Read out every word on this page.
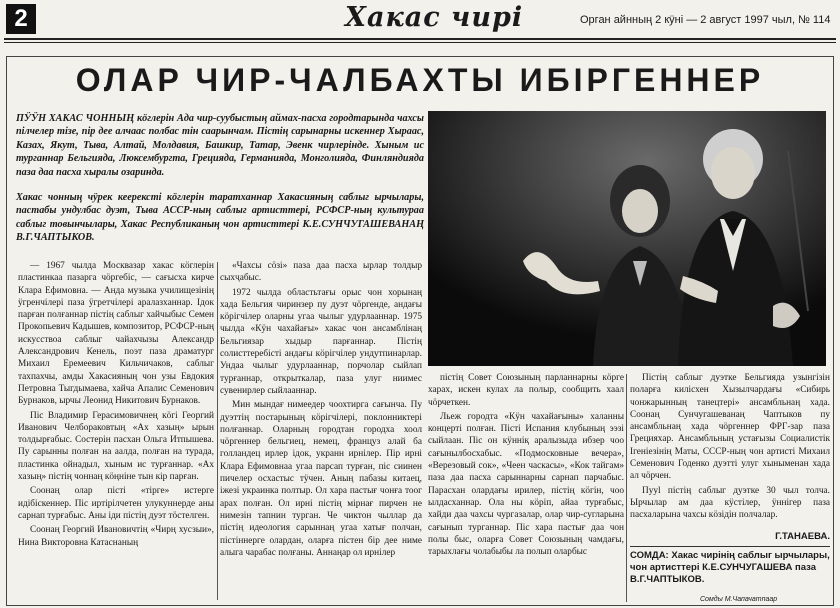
2	Хакас чирі	Орган айнның 2 кӱні — 2 август 1997 чыл, № 114
ОЛАР ЧИР-ЧАЛБАХТЫ ИБІРГЕННЕР

ПӰӰН ХАКАС ЧОННЫҢ кӧглерін Ада чир-суубыстың аймах-пасха городтарында чахсы пілчелер тізе, пір дее алчаас полбас тін саарынчам. Пістің сарынарны искеннер Хыраас, Казах, Якут, Тыва, Алтай, Молдавия, Башкир, Татар, Эвенк чирлерінде. Хыным ис турганнар Бельгияда, Люксембургта, Грецияда, Германияда, Монголияда, Финляндияда паза даа пасха хыралы озаринда.

Хакас чонның чӱрек кеерексті кӧглерін таратханнар Хакасияның саблыг ырчылары, пастабы ундулбас дуэт, Тыва АССР-ның саблыг артисттері, РСФСР-ның культураа саблыг товынчылары, Хакас Республиканың чон артисттері К.Е.СУНЧУГАШЕВАНАҢ В.Г.ЧАПТЫКОВ.

— 1967 чылда Москвазар хакас кӧглерін пластинкаа пазарга чӧргебіс, — сағысха кирче Клара Ефимовна. — Анда музыка училищезінің ӱгренчілері паза ӱгретчілері аралазханнар. Ідок парған полғаннар пістің саблыг хайчыбыс Семен Прокопьевич Кадышев, композитор, РСФСР-ның искусствоа саблыг чайахчызы Александр Александрович Кенель, поэт паза драматург Михаил Еремеевич Кильчичаков, саблыг тахпахчы, амды Хакасияның чон узы Евдокия Петровна Тыгдымаева, хайча Апалис Семенович Бурнаков, ырчы Леонид Никитович Бурнаков.

Піс Владимир Герасимовичнең кӧгі Георгий Иванович Челбораковтың «Ах хазың» ырын толдырғабыс. Состерін пасхан Ольга Итпышева. Пу сарынны полған на аалда, полған на турада, пластинка ойнадыл, хыным ис турғаннар. «Ах хазың» пістің чоннаң кӧңніне тын кір парған.

Соонаң олар пісті «тірге» истерге идібіскеннер. Піс иртірілчетен улукуннерде аны сарнап турғабыс. Аны іди пістің дуэт тӧстелген.

Соонаң Георгий Ивановичтің «Чирң хусзыи», Нина Викторовна Катаснаның

«Чахсы сӧзі» паза даа пасха ырлар толдыр сыхҷабыс.

1972 чылда областьтағы орыс чон хорынаң хада Бельгия чиринзер пу дуэт чӧргенде, андағы кӧрігчілер оларны угаа чылыг удурлааннар. 1975 чылда «Кӱн чахайағы» хакас чон ансамблінаң Бельгиязар хыдыр парғаннар. Пістің солисттеребісті андағы кӧрігчілер ундутпинарлар. Ундаа чылыг удурлааннар, порчолар сыйлап турғаннар, открыткалар, паза улуг ниимес сувенирлер сыйлааннар.

Мин мындағ нимеедер чоохтирга сағынча. Пу дуэттің постарының кӧрігчілері, поклонниктері полғаннар. Оларның городтан городха хоол чӧргеннер бельгиец, немец, француз алай ба голландец ирлер ідок, укранн ирнілер. Пір ирні Клара Ефимовнаа угаа парсап турған, піс сиинен пичелер осхастыс тӱчен. Аның пабазы китаец, іжезі украинка полтыр. Ол хара пастығ чонға тоог арах полған. Ол ирні пістің мірнағ пирчен не нимезін тапнин турган. Че чиктон чыллар да пістің идеология сарыннаң угаа хатығ полчан, пістіннерге олардан, оларға пістен бір дее ниме алыга чарабас полғаны. Аннаңар ол ирнілер

пістің Совет Союзының парланнарны кӧрге харах, искен кулах ла полыр, сообщить хаал чӧрчеткен.

Льеж городта «Кӱн чахайағыны» халанны концерті полған. Пісті Испания клубының ээзі сыйлаан. Піс он кӱнніқ аралызыда ибзер чоо сағынылбосхабыс. «Подмосковные вечера», «Верезовый сок», «Чеен часкасы», «Кок тайгам» паза даа пасха сарыннарны сарнап парчабыс. Парасхан олардағы ирилер, пістің кӧгін, чоо ылдасханнар. Ола ны кӧріп, айаа турғабыс, хайди даа чахсы чургазалар, олар чир-сугларына сағынып турганнар. Піс хара пастығ даа чон полы быс, оларға Совет Союзының чамдағы, тарыхлағы чолабыбы ла полып оларбыс

Пістің саблыг дуэтке Бельгияда узынгізін поларға килісхен Хызылчардағы «Сибирь чонжарынның танецтері» ансамбльнаң хада. Соонаң Сунчугашеванаң Чаптыков пу ансамбльнаң хада чӧргеннер ФРГ-зар паза Грецияхар. Ансамбльның устағызы Социалистік Ігеніезінің Маты, СССР-ның чон артисті Михаил Семенович Годенко дуэтті улуг хыныменан хада ал чӧрчен.

Пууl пістің саблыг дуэтке 30 чыл толча. Ырчылар ам даа кӱстілер, ӱннігер паза пасхаларына чахсы кӧзідін полчалар.

Г.ТАНАЕВА.
СОМДА: Хакас чирінің саблыг ырчылары, чон артисттері К.Е.СУНЧУГАШЕВА паза В.Г.ЧАПТЫКОВ.
Сомды М.Чапачатпаар
